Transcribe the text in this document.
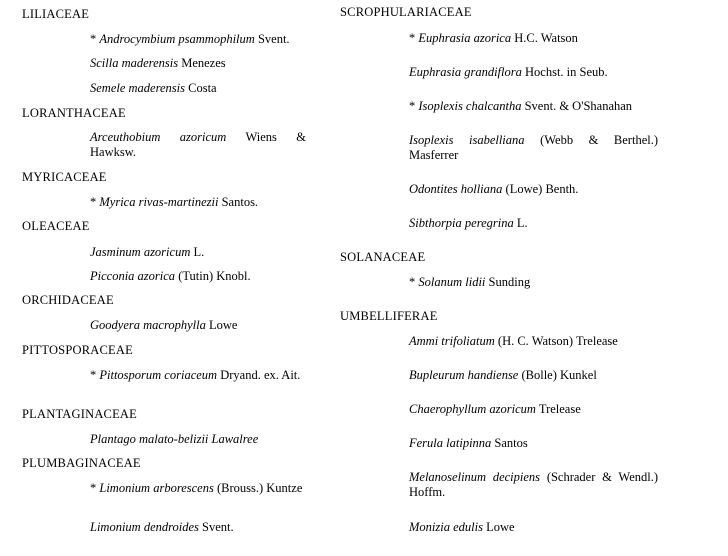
LILIACEAE
* Androcymbium psammophilum Svent.
Scilla maderensis Menezes
Semele maderensis Costa
LORANTHACEAE
Arceuthobium azoricum Wiens & Hawksw.
MYRICACEAE
* Myrica rivas-martinezii Santos.
OLEACEAE
Jasminum azoricum L.
Picconia azorica (Tutin) Knobl.
ORCHIDACEAE
Goodyera macrophylla Lowe
PITTOSPORACEAE
* Pittosporum coriaceum Dryand. ex. Ait.
PLANTAGINACEAE
Plantago malato-belizii Lawalree
PLUMBAGINACEAE
* Limonium arborescens (Brouss.) Kuntze
Limonium dendroides Svent.
SCROPHULARIACEAE
* Euphrasia azorica H.C. Watson
Euphrasia grandiflora Hochst. in Seub.
* Isoplexis chalcantha Svent. & O'Shanahan
Isoplexis isabelliana (Webb & Berthel.) Masferrer
Odontites holliana (Lowe) Benth.
Sibthorpia peregrina L.
SOLANACEAE
* Solanum lidii Sunding
UMBELLIFERAE
Ammi trifoliatum (H. C. Watson) Trelease
Bupleurum handiense (Bolle) Kunkel
Chaerophyllum azoricum Trelease
Ferula latipinna Santos
Melanoselinum decipiens (Schrader & Wendl.) Hoffm.
Monizia edulis Lowe
